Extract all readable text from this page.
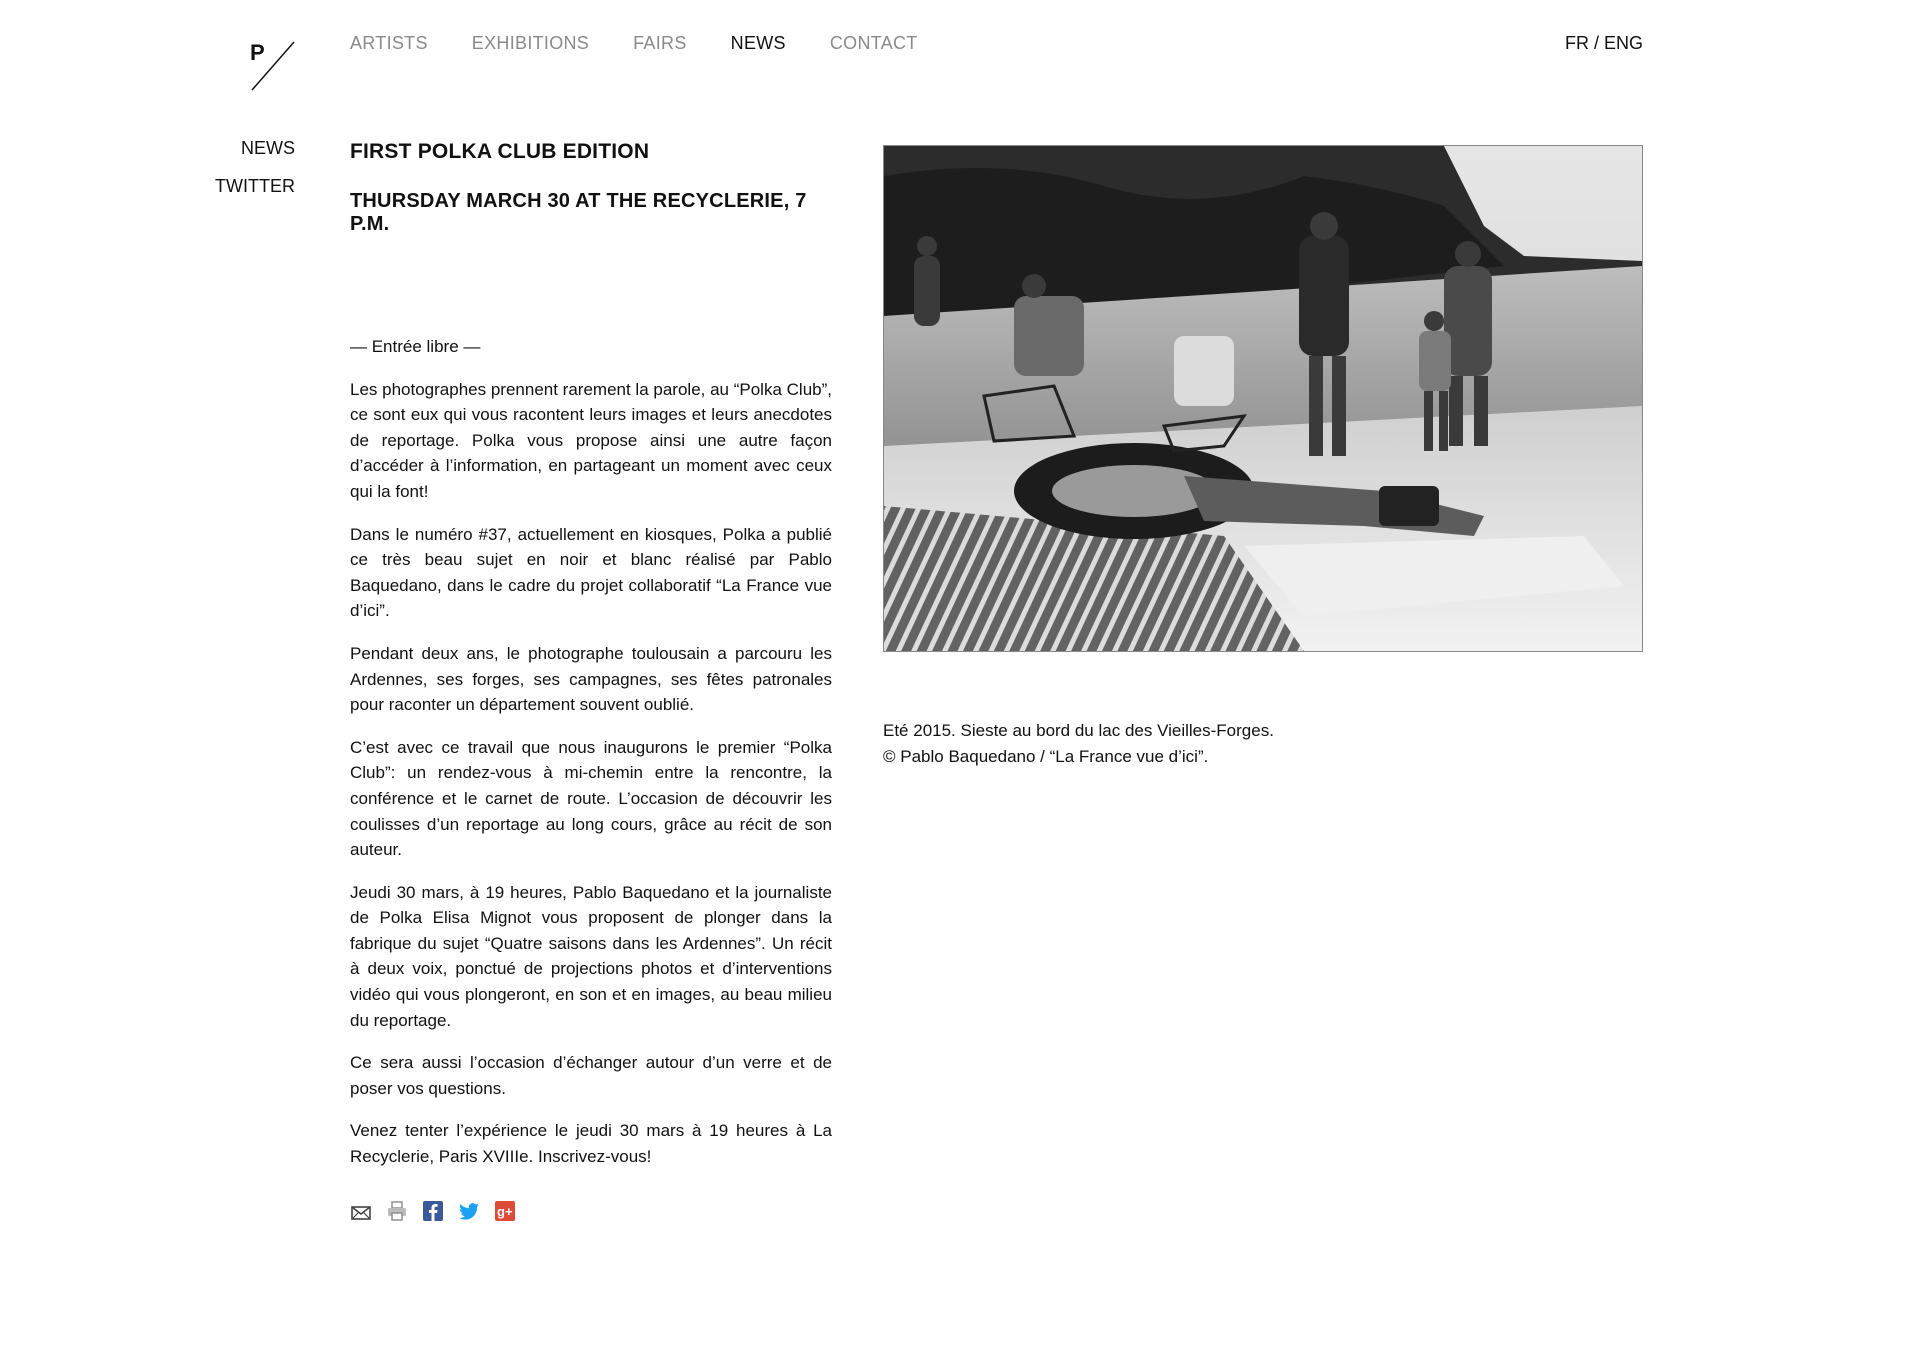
P	ARTISTS EXHIBITIONS FAIRS NEWS CONTACT	FR / ENG
NEWS
TWITTER
FIRST POLKA CLUB EDITION
THURSDAY MARCH 30 AT THE RECYCLERIE, 7 P.M.

— Entrée libre —

Les photographes prennent rarement la parole, au “Polka Club”, ce sont eux qui vous racontent leurs images et leurs anecdotes de reportage. Polka vous propose ainsi une autre façon d’accéder à l’information, en partageant un moment avec ceux qui la font!

Dans le numéro #37, actuellement en kiosques, Polka a publié ce très beau sujet en noir et blanc réalisé par Pablo Baquedano, dans le cadre du projet collaboratif “La France vue d’ici”.

Pendant deux ans, le photographe toulousain a parcouru les Ardennes, ses forges, ses campagnes, ses fêtes patronales pour raconter un département souvent oublié.

C’est avec ce travail que nous inaugurons le premier “Polka Club”: un rendez-vous à mi-chemin entre la rencontre, la conférence et le carnet de route. L’occasion de découvrir les coulisses d’un reportage au long cours, grâce au récit de son auteur.

Jeudi 30 mars, à 19 heures, Pablo Baquedano et la journaliste de Polka Elisa Mignot vous proposent de plonger dans la fabrique du sujet “Quatre saisons dans les Ardennes”. Un récit à deux voix, ponctué de projections photos et d’interventions vidéo qui vous plongeront, en son et en images, au beau milieu du reportage.

Ce sera aussi l’occasion d’échanger autour d’un verre et de poser vos questions.

Venez tenter l’expérience le jeudi 30 mars à 19 heures à La Recyclerie, Paris XVIIIe. Inscrivez-vous!

g+
Eté 2015. Sieste au bord du lac des Vieilles-Forges.
© Pablo Baquedano / “La France vue d’ici”.
